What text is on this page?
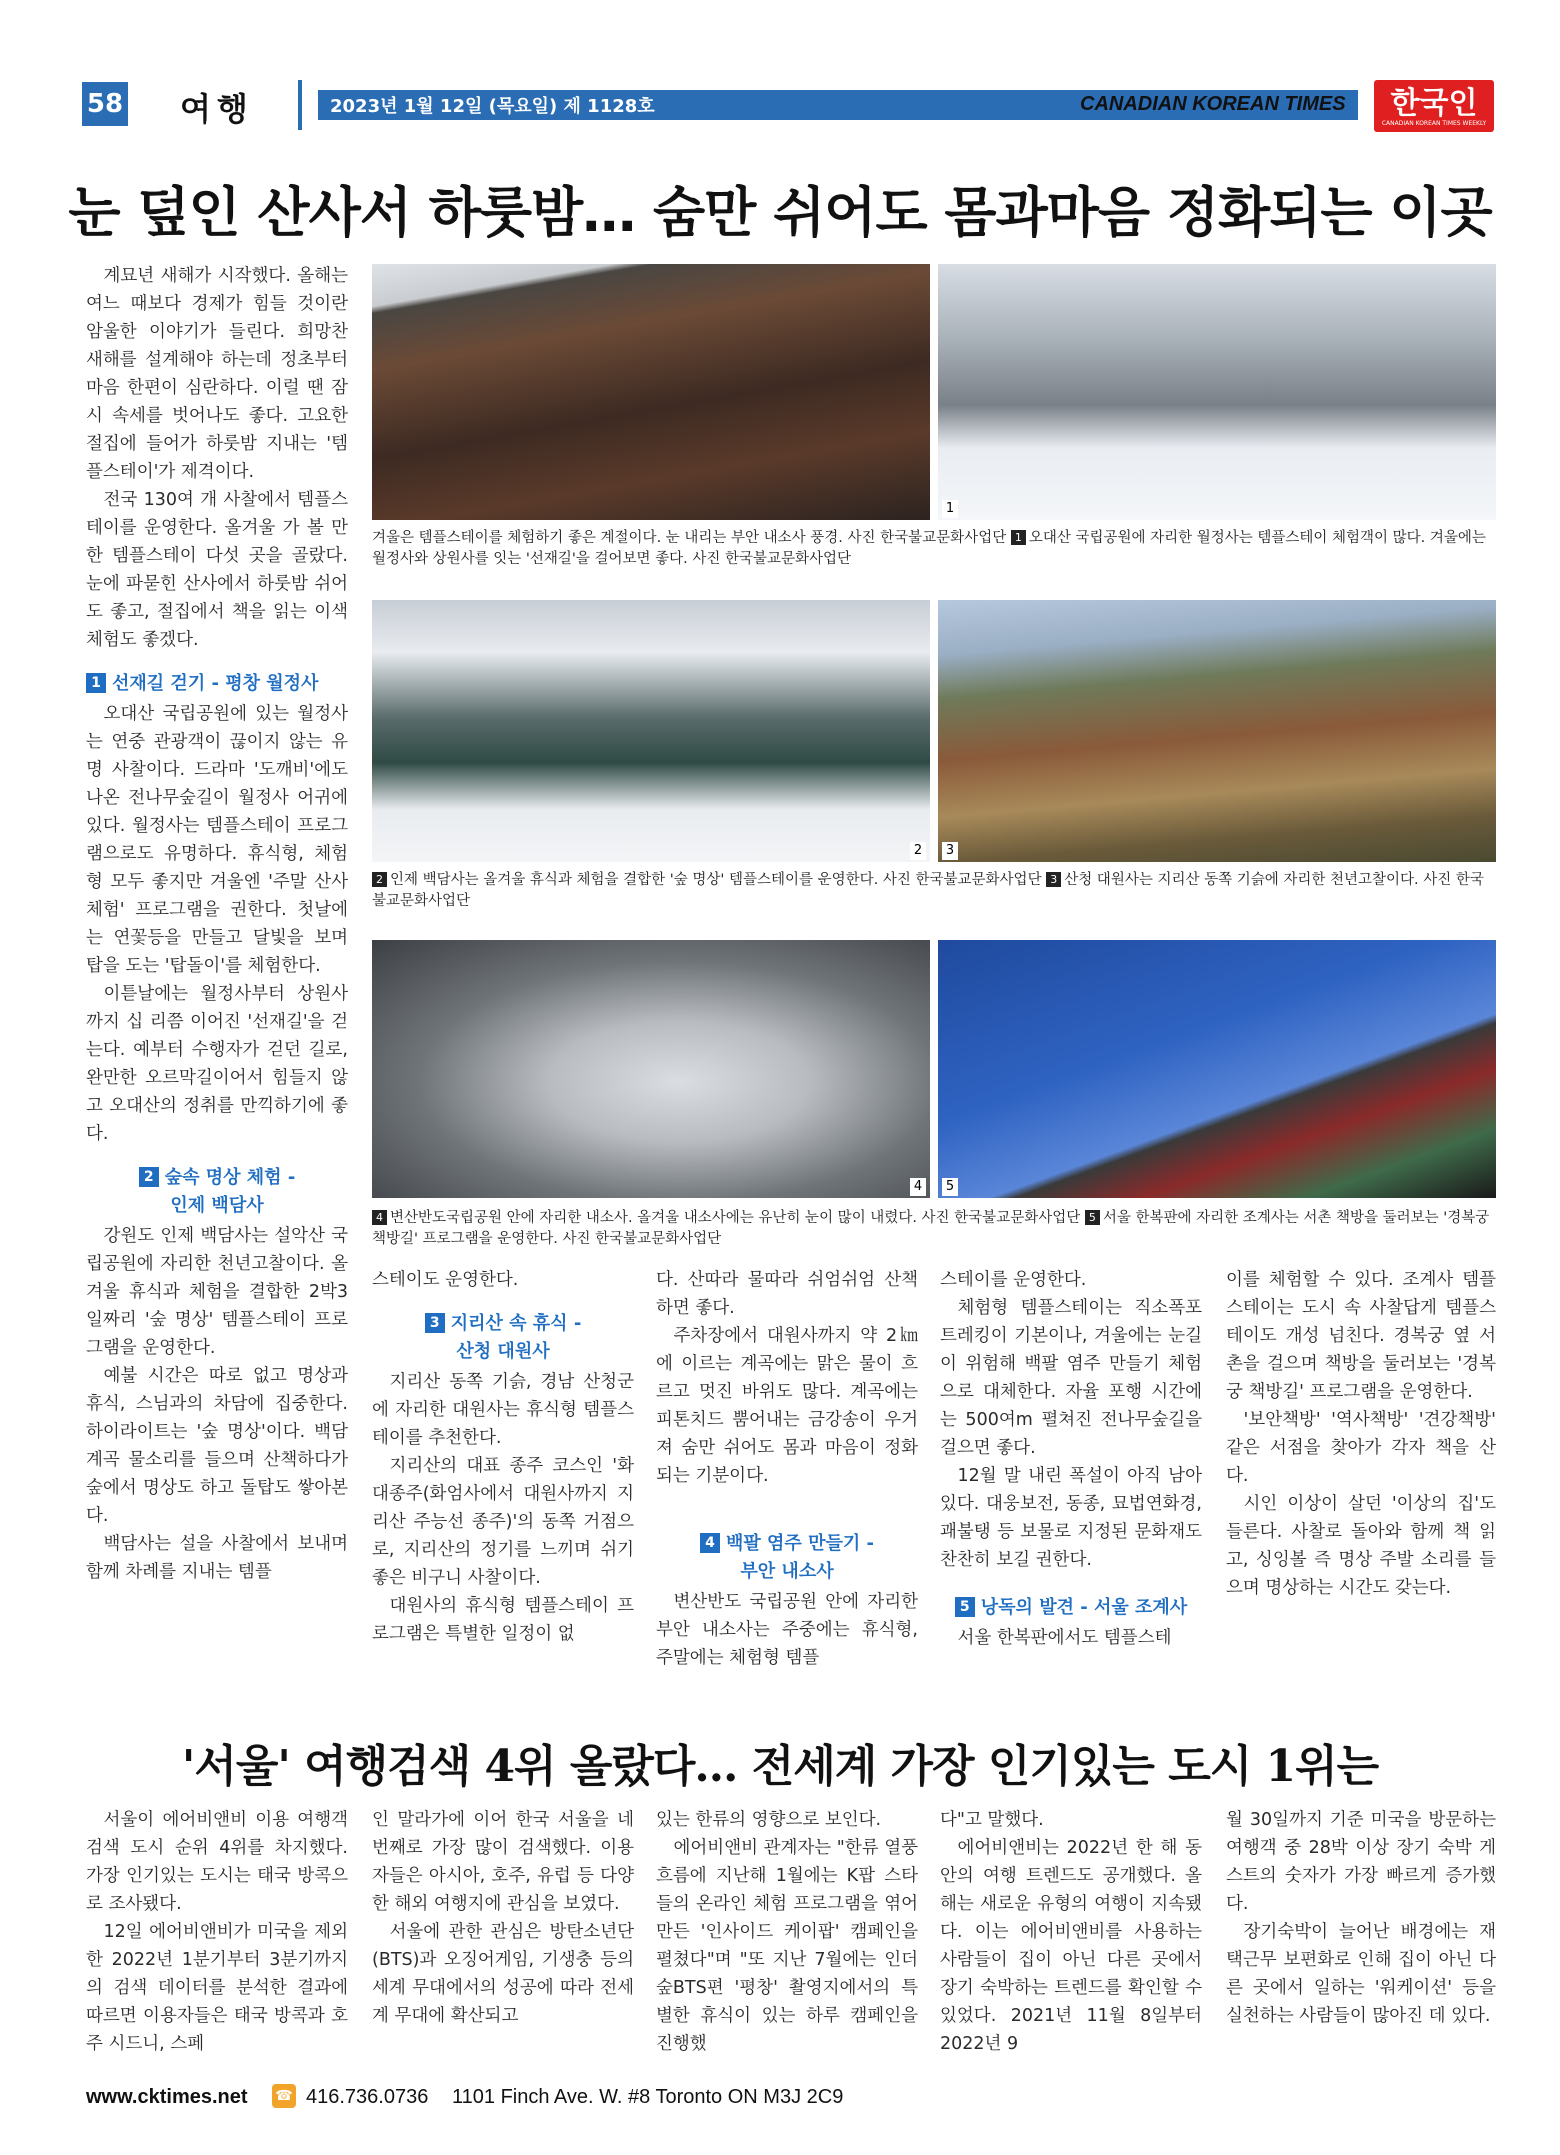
58 여행	2023년 1월 12일 (목요일) 제 1128호	CANADIAN KOREAN TIMES	한국인
CANADIAN KOREAN TIMES WEEKLY
눈 덮인 산사서 하룻밤… 숨만 쉬어도 몸과마음 정화되는 이곳

계묘년 새해가 시작했다. 올해는 여느 때보다 경제가 힘들 것이란 암울한 이야기가 들린다. 희망찬 새해를 설계해야 하는데 정초부터 마음 한편이 심란하다. 이럴 땐 잠시 속세를 벗어나도 좋다. 고요한 절집에 들어가 하룻밤 지내는 '템플스테이'가 제격이다.

전국 130여 개 사찰에서 템플스테이를 운영한다. 올겨울 가 볼 만한 템플스테이 다섯 곳을 골랐다. 눈에 파묻힌 산사에서 하룻밤 쉬어도 좋고, 절집에서 책을 읽는 이색 체험도 좋겠다.

1 선재길 걷기 - 평창 월정사

오대산 국립공원에 있는 월정사는 연중 관광객이 끊이지 않는 유명 사찰이다. 드라마 '도깨비'에도 나온 전나무숲길이 월정사 어귀에 있다. 월정사는 템플스테이 프로그램으로도 유명하다. 휴식형, 체험형 모두 좋지만 겨울엔 '주말 산사체험' 프로그램을 권한다. 첫날에는 연꽃등을 만들고 달빛을 보며 탑을 도는 '탑돌이'를 체험한다.

이튿날에는 월정사부터 상원사까지 십 리쯤 이어진 '선재길'을 걷는다. 예부터 수행자가 걷던 길로, 완만한 오르막길이어서 힘들지 않고 오대산의 정취를 만끽하기에 좋다.

2 숲속 명상 체험 -
인제 백담사

강원도 인제 백담사는 설악산 국립공원에 자리한 천년고찰이다. 올겨울 휴식과 체험을 결합한 2박3일짜리 '숲 명상' 템플스테이 프로그램을 운영한다.

예불 시간은 따로 없고 명상과 휴식, 스님과의 차담에 집중한다. 하이라이트는 '숲 명상'이다. 백담계곡 물소리를 들으며 산책하다가 숲에서 명상도 하고 돌탑도 쌓아본다.

백담사는 설을 사찰에서 보내며 함께 차례를 지내는 템플

1
겨울은 템플스테이를 체험하기 좋은 계절이다. 눈 내리는 부안 내소사 풍경. 사진 한국불교문화사업단 1 오대산 국립공원에 자리한 월정사는 템플스테이 체험객이 많다. 겨울에는 월정사와 상원사를 잇는 '선재길'을 걸어보면 좋다. 사진 한국불교문화사업단
2 3
2 인제 백담사는 올겨울 휴식과 체험을 결합한 '숲 명상' 템플스테이를 운영한다. 사진 한국불교문화사업단 3 산청 대원사는 지리산 동쪽 기슭에 자리한 천년고찰이다. 사진 한국불교문화사업단
4 5
4 변산반도국립공원 안에 자리한 내소사. 올겨울 내소사에는 유난히 눈이 많이 내렸다. 사진 한국불교문화사업단 5 서울 한복판에 자리한 조계사는 서촌 책방을 둘러보는 '경복궁 책방길' 프로그램을 운영한다. 사진 한국불교문화사업단

스테이도 운영한다.

3 지리산 속 휴식 -
산청 대원사

지리산 동쪽 기슭, 경남 산청군에 자리한 대원사는 휴식형 템플스테이를 추천한다.

지리산의 대표 종주 코스인 '화대종주(화엄사에서 대원사까지 지리산 주능선 종주)'의 동쪽 거점으로, 지리산의 정기를 느끼며 쉬기 좋은 비구니 사찰이다.

대원사의 휴식형 템플스테이 프로그램은 특별한 일정이 없

다. 산따라 물따라 쉬엄쉬엄 산책하면 좋다.

주차장에서 대원사까지 약 2㎞에 이르는 계곡에는 맑은 물이 흐르고 멋진 바위도 많다. 계곡에는 피톤치드 뿜어내는 금강송이 우거져 숨만 쉬어도 몸과 마음이 정화되는 기분이다.

4 백팔 염주 만들기 -
부안 내소사

변산반도 국립공원 안에 자리한 부안 내소사는 주중에는 휴식형, 주말에는 체험형 템플

스테이를 운영한다.

체험형 템플스테이는 직소폭포 트레킹이 기본이나, 겨울에는 눈길이 위험해 백팔 염주 만들기 체험으로 대체한다. 자율 포행 시간에는 500여m 펼쳐진 전나무숲길을 걸으면 좋다.

12월 말 내린 폭설이 아직 남아 있다. 대웅보전, 동종, 묘법연화경, 괘불탱 등 보물로 지정된 문화재도 찬찬히 보길 권한다.

5 낭독의 발견 - 서울 조계사

서울 한복판에서도 템플스테

이를 체험할 수 있다. 조계사 템플스테이는 도시 속 사찰답게 템플스테이도 개성 넘친다. 경복궁 옆 서촌을 걸으며 책방을 둘러보는 '경복궁 책방길' 프로그램을 운영한다.

'보안책방' '역사책방' '견강책방' 같은 서점을 찾아가 각자 책을 산다.

시인 이상이 살던 '이상의 집'도 들른다. 사찰로 돌아와 함께 책 읽고, 싱잉볼 즉 명상 주발 소리를 들으며 명상하는 시간도 갖는다.

'서울' 여행검색 4위 올랐다… 전세계 가장 인기있는 도시 1위는

서울이 에어비앤비 이용 여행객 검색 도시 순위 4위를 차지했다. 가장 인기있는 도시는 태국 방콕으로 조사됐다.

12일 에어비앤비가 미국을 제외한 2022년 1분기부터 3분기까지의 검색 데이터를 분석한 결과에 따르면 이용자들은 태국 방콕과 호주 시드니, 스페

인 말라가에 이어 한국 서울을 네 번째로 가장 많이 검색했다. 이용자들은 아시아, 호주, 유럽 등 다양한 해외 여행지에 관심을 보였다.

서울에 관한 관심은 방탄소년단(BTS)과 오징어게임, 기생충 등의 세계 무대에서의 성공에 따라 전세계 무대에 확산되고

있는 한류의 영향으로 보인다.

에어비앤비 관계자는 "한류 열풍 흐름에 지난해 1월에는 K팝 스타들의 온라인 체험 프로그램을 엮어 만든 '인사이드 케이팝' 캠페인을 펼쳤다"며 "또 지난 7월에는 인더숲BTS편 '평창' 촬영지에서의 특별한 휴식이 있는 하루 캠페인을 진행했

다"고 말했다.

에어비앤비는 2022년 한 해 동안의 여행 트렌드도 공개했다. 올해는 새로운 유형의 여행이 지속됐다. 이는 에어비앤비를 사용하는 사람들이 집이 아닌 다른 곳에서 장기 숙박하는 트렌드를 확인할 수 있었다. 2021년 11월 8일부터 2022년 9

월 30일까지 기준 미국을 방문하는 여행객 중 28박 이상 장기 숙박 게스트의 숫자가 가장 빠르게 증가했다.

장기숙박이 늘어난 배경에는 재택근무 보편화로 인해 집이 아닌 다른 곳에서 일하는 '워케이션' 등을 실천하는 사람들이 많아진 데 있다.

www.cktimes.net ☎ 416.736.0736 1101 Finch Ave. W. #8 Toronto ON M3J 2C9
